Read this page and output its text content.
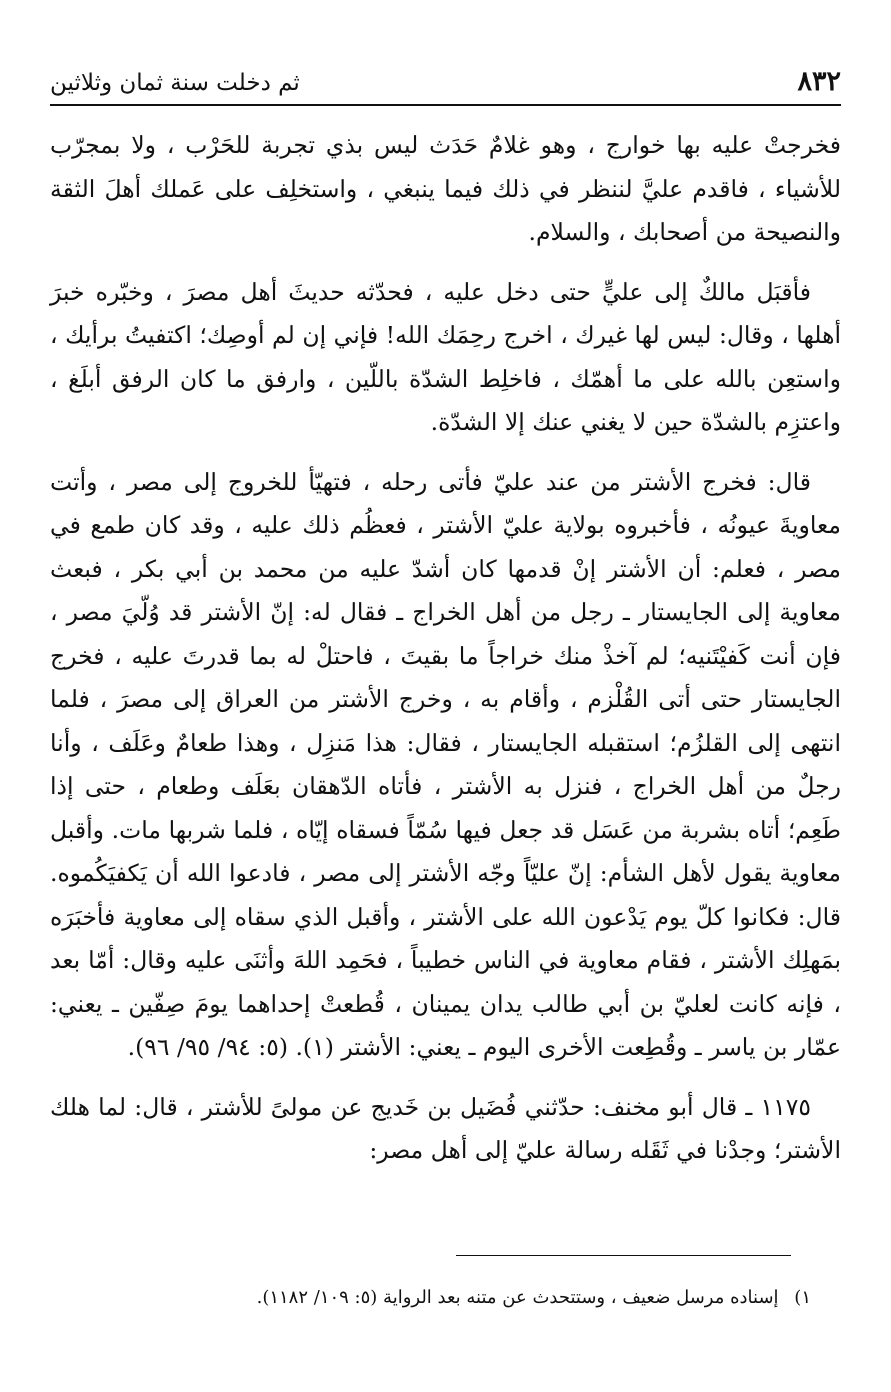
٨٣٢
ثم دخلت سنة ثمان وثلاثين

فخرجتْ عليه بها خوارج ، وهو غلامٌ حَدَث ليس بذي تجربة للحَرْب ، ولا بمجرّب للأشياء ، فاقدم عليَّ لننظر في ذلك فيما ينبغي ، واستخلِف على عَملك أهلَ الثقة والنصيحة من أصحابك ، والسلام.

فأقبَل مالكٌ إلى عليٍّ حتى دخل عليه ، فحدّثه حديثَ أهل مصرَ ، وخبّره خبرَ أهلها ، وقال: ليس لها غيرك ، اخرج رحِمَك الله! فإني إن لم أوصِك؛ اكتفيتُ برأيك ، واستعِن بالله على ما أهمّك ، فاخلِط الشدّة باللّين ، وارفق ما كان الرفق أبلَغ ، واعتزِم بالشدّة حين لا يغني عنك إلا الشدّة.

قال: فخرج الأشتر من عند عليّ فأتى رحله ، فتهيّأ للخروج إلى مصر ، وأتت معاويةَ عيونُه ، فأخبروه بولاية عليّ الأشتر ، فعظُم ذلك عليه ، وقد كان طمع في مصر ، فعلم: أن الأشتر إنْ قدمها كان أشدّ عليه من محمد بن أبي بكر ، فبعث معاوية إلى الجايستار ـ رجل من أهل الخراج ـ فقال له: إنّ الأشتر قد وُلّيَ مصر ، فإن أنت كَفيْتَنيه؛ لم آخذْ منك خراجاً ما بقيتَ ، فاحتلْ له بما قدرتَ عليه ، فخرج الجايستار حتى أتى القُلْزم ، وأقام به ، وخرج الأشتر من العراق إلى مصرَ ، فلما انتهى إلى القلزُم؛ استقبله الجايستار ، فقال: هذا مَنزِل ، وهذا طعامٌ وعَلَف ، وأنا رجلٌ من أهل الخراج ، فنزل به الأشتر ، فأتاه الدّهقان بعَلَف وطعام ، حتى إذا طَعِم؛ أتاه بشربة من عَسَل قد جعل فيها سُمّاً فسقاه إيّاه ، فلما شربها مات. وأقبل معاوية يقول لأهل الشأم: إنّ عليّاً وجّه الأشتر إلى مصر ، فادعوا الله أن يَكفيَكُموه. قال: فكانوا كلّ يوم يَدْعون الله على الأشتر ، وأقبل الذي سقاه إلى معاوية فأخبَرَه بمَهلِك الأشتر ، فقام معاوية في الناس خطيباً ، فحَمِد اللهَ وأثنَى عليه وقال: أمّا بعد ، فإنه كانت لعليّ بن أبي طالب يدان يمينان ، قُطعتْ إحداهما يومَ صِفّين ـ يعني: عمّار بن ياسر ـ وقُطِعت الأخرى اليوم ـ يعني: الأشتر (١). (٥: ٩٤/ ٩٥/ ٩٦).

١١٧٥ ـ قال أبو مخنف: حدّثني فُضَيل بن خَديج عن مولىً للأشتر ، قال: لما هلك الأشتر؛ وجدْنا في ثَقَله رسالة عليّ إلى أهل مصر:

١) إسناده مرسل ضعيف ، وستتحدث عن متنه بعد الرواية (٥: ١٠٩/ ١١٨٢).
